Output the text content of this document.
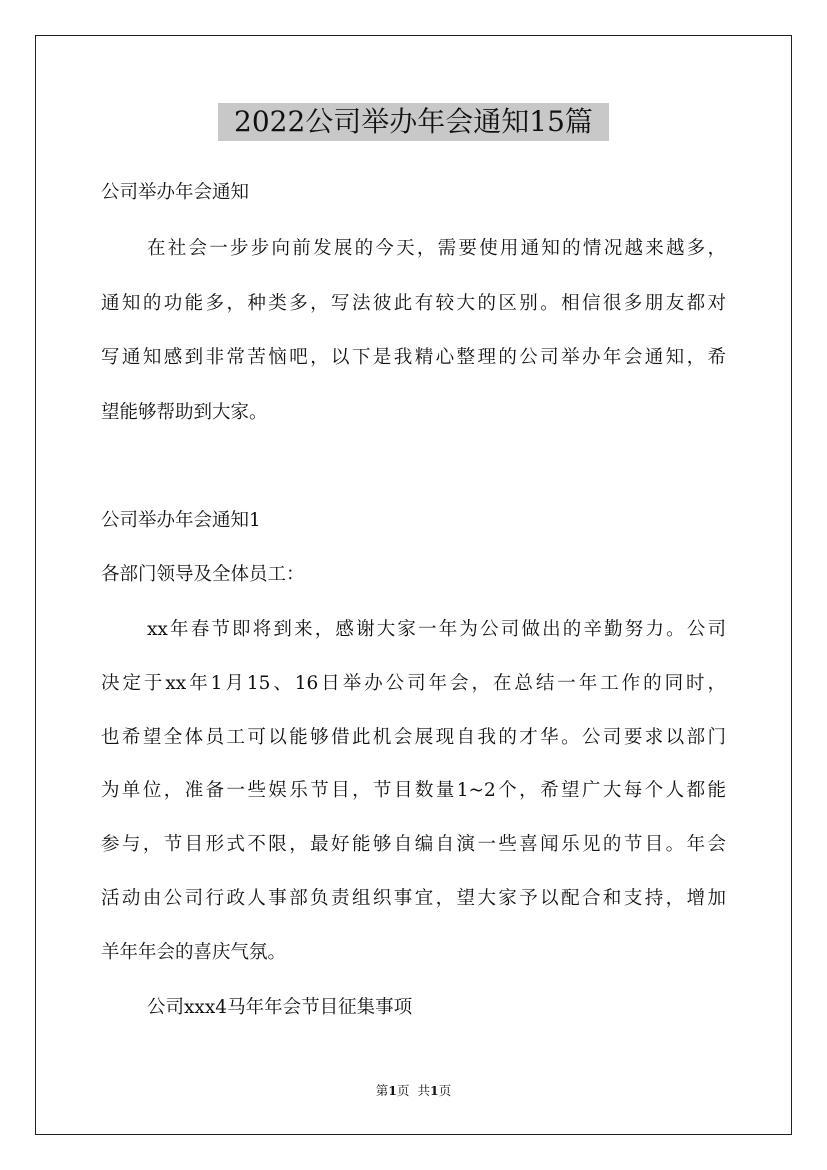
2022公司举办年会通知15篇
公司举办年会通知
在社会一步步向前发展的今天，需要使用通知的情况越来越多，
通知的功能多，种类多，写法彼此有较大的区别。相信很多朋友都对
写通知感到非常苦恼吧，以下是我精心整理的公司举办年会通知，希
望能够帮助到大家。
公司举办年会通知1
各部门领导及全体员工：
xx年春节即将到来，感谢大家一年为公司做出的辛勤努力。公司
决定于xx年1月15、16日举办公司年会，在总结一年工作的同时，
也希望全体员工可以能够借此机会展现自我的才华。公司要求以部门
为单位，准备一些娱乐节目，节目数量1~2个，希望广大每个人都能
参与，节目形式不限，最好能够自编自演一些喜闻乐见的节目。年会
活动由公司行政人事部负责组织事宜，望大家予以配合和支持，增加
羊年年会的喜庆气氛。
公司xxx4马年年会节目征集事项
第1页 共1页
